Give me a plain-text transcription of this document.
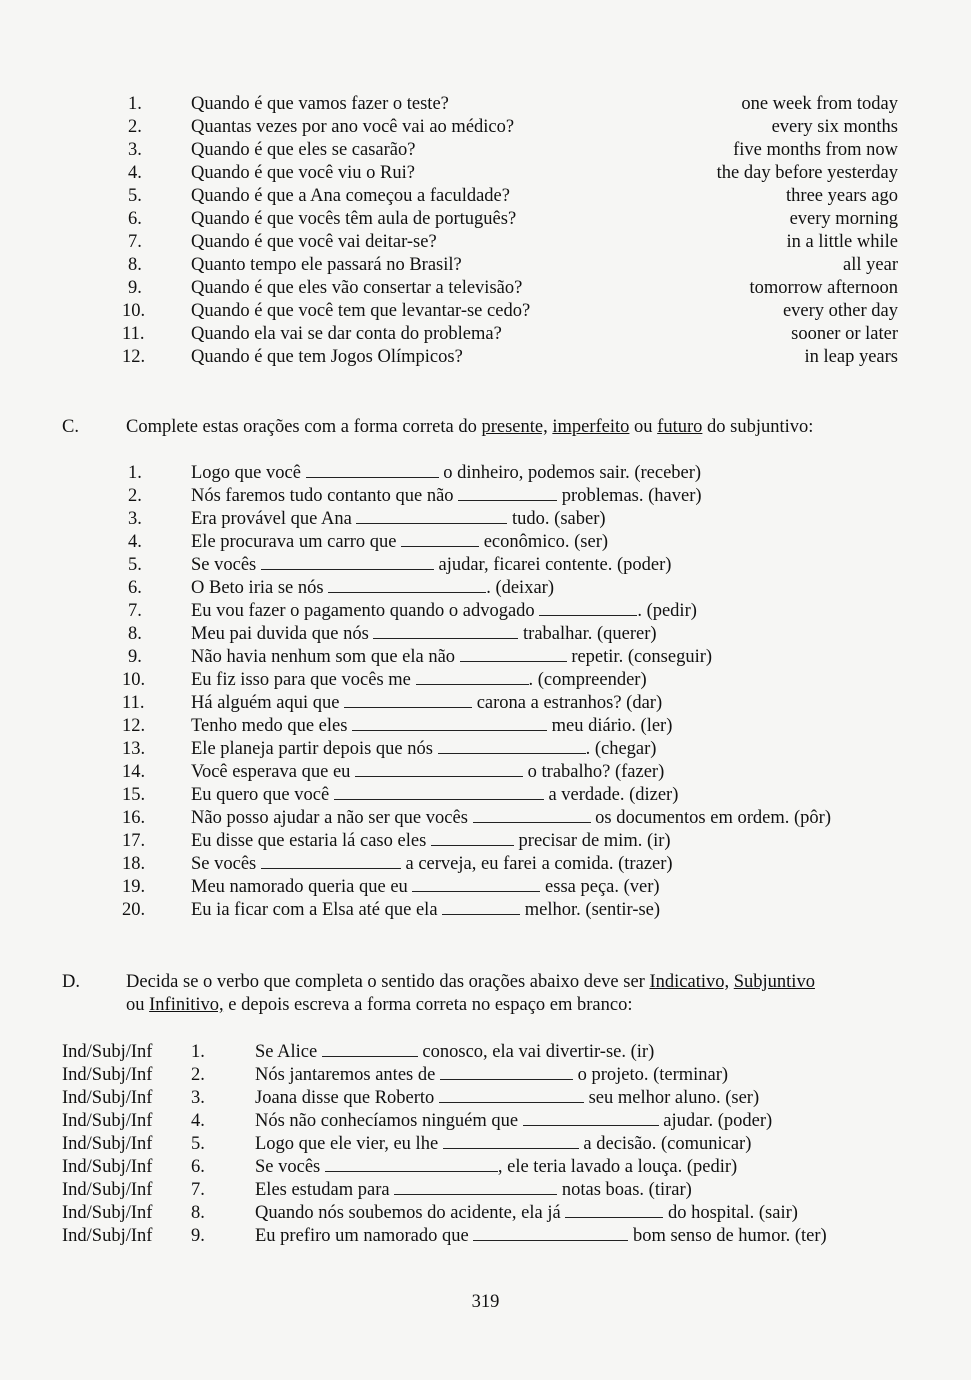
1.	Quando é que vamos fazer o teste?	one week from today
2.	Quantas vezes por ano você vai ao médico?	every six months
3.	Quando é que eles se casarão?	five months from now
4.	Quando é que você viu o Rui?	the day before yesterday
5.	Quando é que a Ana começou a faculdade?	three years ago
6.	Quando é que vocês têm aula de português?	every morning
7.	Quando é que você vai deitar-se?	in a little while
8.	Quanto tempo ele passará no Brasil?	all year
9.	Quando é que eles vão consertar a televisão?	tomorrow afternoon
10. Quando é que você tem que levantar-se cedo?	every other day
11.	Quando ela vai se dar conta do problema?	sooner or later
12. Quando é que tem Jogos Olímpicos?	in leap years
C.	Complete estas orações com a forma correta do presente, imperfeito ou futuro do subjuntivo:
1.	Logo que você	o dinheiro, podemos sair. (receber)
2.	Nós faremos tudo contanto que não	problemas. (haver)
3.	Era provável que Ana	tudo. (saber)
4.	Ele procurava um carro que	econômico. (ser)
5.	Se vocês	ajudar, ficarei contente. (poder)
6.	O Beto iria se nós	. (deixar)
7.	Eu vou fazer o pagamento quando o advogado	. (pedir)
8.	Meu pai duvida que nós	trabalhar. (querer)
9.	Não havia nenhum som que ela não	repetir. (conseguir)
10. Eu fiz isso para que vocês me	. (compreender)
11.	Há alguém aqui que	carona a estranhos? (dar)
12. Tenho medo que eles	meu diário. (ler)
13. Ele planeja partir depois que nós	. (chegar)
14. Você esperava que eu	o trabalho? (fazer)
15. Eu quero que você	a verdade. (dizer)
16. Não posso ajudar a não ser que vocês	os documentos em ordem. (pôr)
17. Eu disse que estaria lá caso eles	precisar de mim. (ir)
18. Se vocês	a cerveja, eu farei a comida. (trazer)
19. Meu namorado queria que eu	essa peça. (ver)
20. Eu ia ficar com a Elsa até que ela	melhor. (sentir-se)
D. Decida se o verbo que completa o sentido das orações abaixo deve ser Indicativo, Subjuntivo
ou Infinitivo, e depois escreva a forma correta no espaço em branco:
Ind/Subj/Inf 1.	Se Alice	conosco, ela vai divertir-se. (ir)
Ind/Subj/Inf 2.	Nós jantaremos antes de	o projeto. (terminar)
Ind/Subj/Inf 3.	Joana disse que Roberto	seu melhor aluno. (ser)
Ind/Subj/Inf 4.	Nós não conhecíamos ninguém que	ajudar. (poder)
Ind/Subj/Inf 5.	Logo que ele vier, eu lhe	a decisão. (comunicar)
Ind/Subj/Inf 6.	Se vocês	, ele teria lavado a louça. (pedir)
Ind/Subj/Inf 7.	Eles estudam para	notas boas. (tirar)
Ind/Subj/Inf 8.	Quando nós soubemos do acidente, ela já	do hospital. (sair)
Ind/Subj/Inf 9.	Eu prefiro um namorado que	bom senso de humor. (ter)
319
